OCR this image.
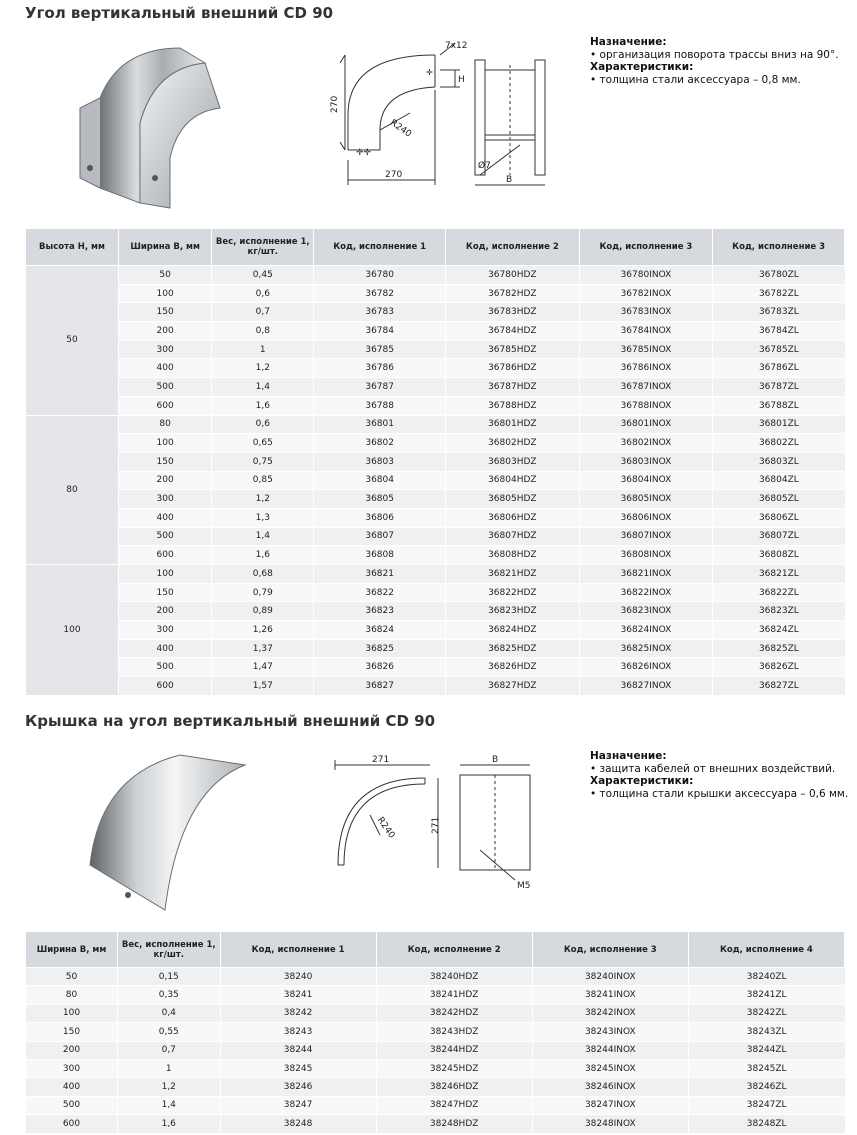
Угол вертикальный внешний CD 90
✛✛
✛
7x12
H
270
R240
270
Ø7
B
Назначение:
• организация поворота трассы вниз на 90°.
Характеристики:
• толщина стали аксессуара – 0,8 мм.
Высота H, мм	Ширина B, мм	Вес, исполнение 1, кг/шт.	Код, исполнение 1	Код, исполнение 2	Код, исполнение 3	Код, исполнение 3
50	50	0,45	36780	36780HDZ	36780INOX	36780ZL
	100	0,6	36782	36782HDZ	36782INOX	36782ZL
	150	0,7	36783	36783HDZ	36783INOX	36783ZL
	200	0,8	36784	36784HDZ	36784INOX	36784ZL
	300	1	36785	36785HDZ	36785INOX	36785ZL
	400	1,2	36786	36786HDZ	36786INOX	36786ZL
	500	1,4	36787	36787HDZ	36787INOX	36787ZL
	600	1,6	36788	36788HDZ	36788INOX	36788ZL
80	80	0,6	36801	36801HDZ	36801INOX	36801ZL
	100	0,65	36802	36802HDZ	36802INOX	36802ZL
	150	0,75	36803	36803HDZ	36803INOX	36803ZL
	200	0,85	36804	36804HDZ	36804INOX	36804ZL
	300	1,2	36805	36805HDZ	36805INOX	36805ZL
	400	1,3	36806	36806HDZ	36806INOX	36806ZL
	500	1,4	36807	36807HDZ	36807INOX	36807ZL
	600	1,6	36808	36808HDZ	36808INOX	36808ZL
100	100	0,68	36821	36821HDZ	36821INOX	36821ZL
	150	0,79	36822	36822HDZ	36822INOX	36822ZL
	200	0,89	36823	36823HDZ	36823INOX	36823ZL
	300	1,26	36824	36824HDZ	36824INOX	36824ZL
	400	1,37	36825	36825HDZ	36825INOX	36825ZL
	500	1,47	36826	36826HDZ	36826INOX	36826ZL
	600	1,57	36827	36827HDZ	36827INOX	36827ZL
Крышка на угол вертикальный внешний CD 90
271
R240	271
B
M5
Назначение:
• защита кабелей от внешних воздействий.
Характеристики:
• толщина стали крышки аксессуара – 0,6 мм.
Ширина B, мм	Вес, исполнение 1, кг/шт.	Код, исполнение 1	Код, исполнение 2	Код, исполнение 3	Код, исполнение 4
50	0,15	38240	38240HDZ	38240INOX	38240ZL
80	0,35	38241	38241HDZ	38241INOX	38241ZL
100	0,4	38242	38242HDZ	38242INOX	38242ZL
150	0,55	38243	38243HDZ	38243INOX	38243ZL
200	0,7	38244	38244HDZ	38244INOX	38244ZL
300	1	38245	38245HDZ	38245INOX	38245ZL
400	1,2	38246	38246HDZ	38246INOX	38246ZL
500	1,4	38247	38247HDZ	38247INOX	38247ZL
600	1,6	38248	38248HDZ	38248INOX	38248ZL
